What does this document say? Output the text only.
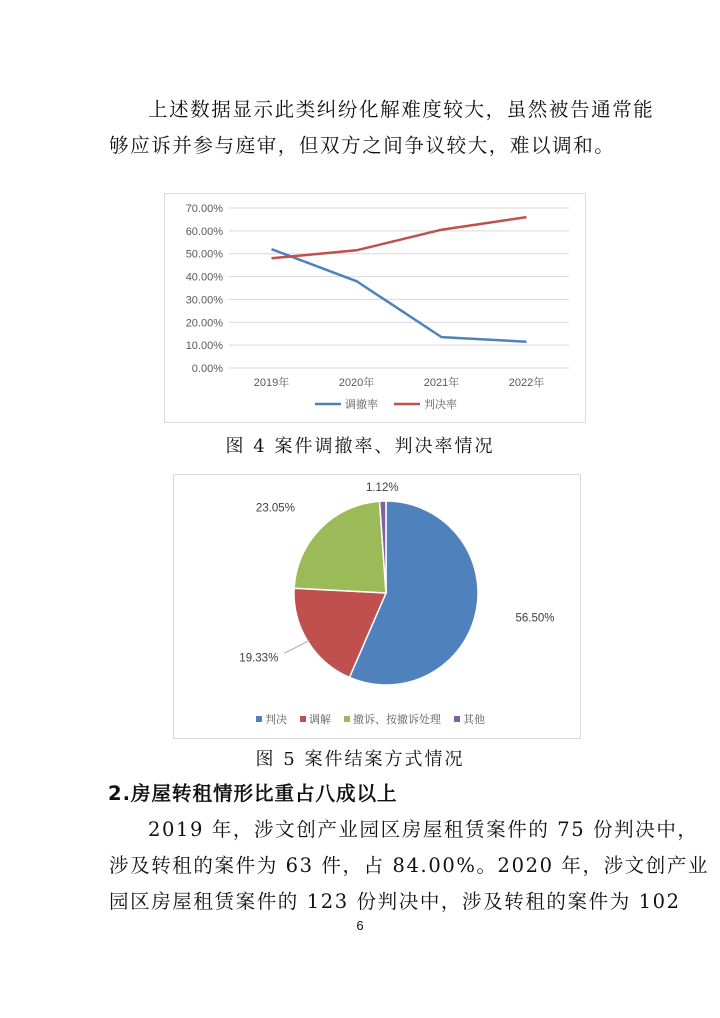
上述数据显示此类纠纷化解难度较大，虽然被告通常能
够应诉并参与庭审，但双方之间争议较大，难以调和。

0.00%
10.00%
20.00%
30.00%
40.00%
50.00%
60.00%
70.00%
2019年	2020年	2021年	2022年
调撤率	判决率
图 4 案件调撤率、判决率情况
56.50%
19.33%
23.05%
1.12%
判决 调解 撤诉、按撤诉处理 其他
图 5 案件结案方式情况
2.房屋转租情形比重占八成以上

2019 年，涉文创产业园区房屋租赁案件的 75 份判决中，
涉及转租的案件为 63 件，占 84.00%。2020 年，涉文创产业
园区房屋租赁案件的 123 份判决中，涉及转租的案件为 102

6
